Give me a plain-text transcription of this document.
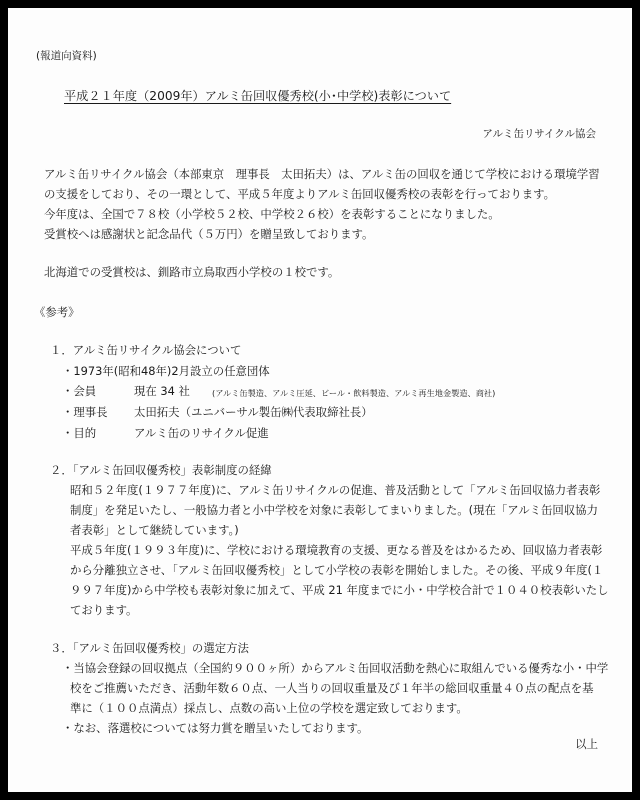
(報道向資料)
平成２１年度（2009年）アルミ缶回収優秀校(小･中学校)表彰について
アルミ缶リサイクル協会
アルミ缶リサイクル協会（本部東京　理事長　太田拓夫）は、アルミ缶の回収を通じて学校における環境学習
の支援をしており、その一環として、平成５年度よりアルミ缶回収優秀校の表彰を行っております。
今年度は、全国で７８校（小学校５２校、中学校２６校）を表彰することになりました。
受賞校へは感謝状と記念品代（５万円）を贈呈致しております。
北海道での受賞校は、釧路市立鳥取西小学校の１校です。
《参考》
１．アルミ缶リサイクル協会について
・1973年(昭和48年)2月設立の任意団体
・会員	現在 34 社	(アルミ缶製造、アルミ圧延、ビール・飲料製造、アルミ再生地金製造、商社)
・理事長 太田拓夫（ユニバーサル製缶㈱代表取締社長）
・目的	アルミ缶のリサイクル促進
２．「アルミ缶回収優秀校」表彰制度の経緯
昭和５２年度(１９７７年度)に、アルミ缶リサイクルの促進、普及活動として「アルミ缶回収協力者表彰
制度」を発足いたし、一般協力者と小中学校を対象に表彰してまいりました。(現在「アルミ缶回収協力
者表彰」として継続しています。)
平成５年度(１９９３年度)に、学校における環境教育の支援、更なる普及をはかるため、回収協力者表彰
から分離独立させ、「アルミ缶回収優秀校」として小学校の表彰を開始しました。その後、平成９年度(１
９９７年度)から中学校も表彰対象に加えて、平成 21 年度までに小・中学校合計で１０４０校表彰いたし
ております。
３．「アルミ缶回収優秀校」の選定方法
・当協会登録の回収拠点（全国約９００ヶ所）からアルミ缶回収活動を熱心に取組んでいる優秀な小・中学
校をご推薦いただき、活動年数６０点、一人当りの回収重量及び１年半の総回収重量４０点の配点を基
準に（１００点満点）採点し、点数の高い上位の学校を選定致しております。
・なお、落選校については努力賞を贈呈いたしております。
以上
